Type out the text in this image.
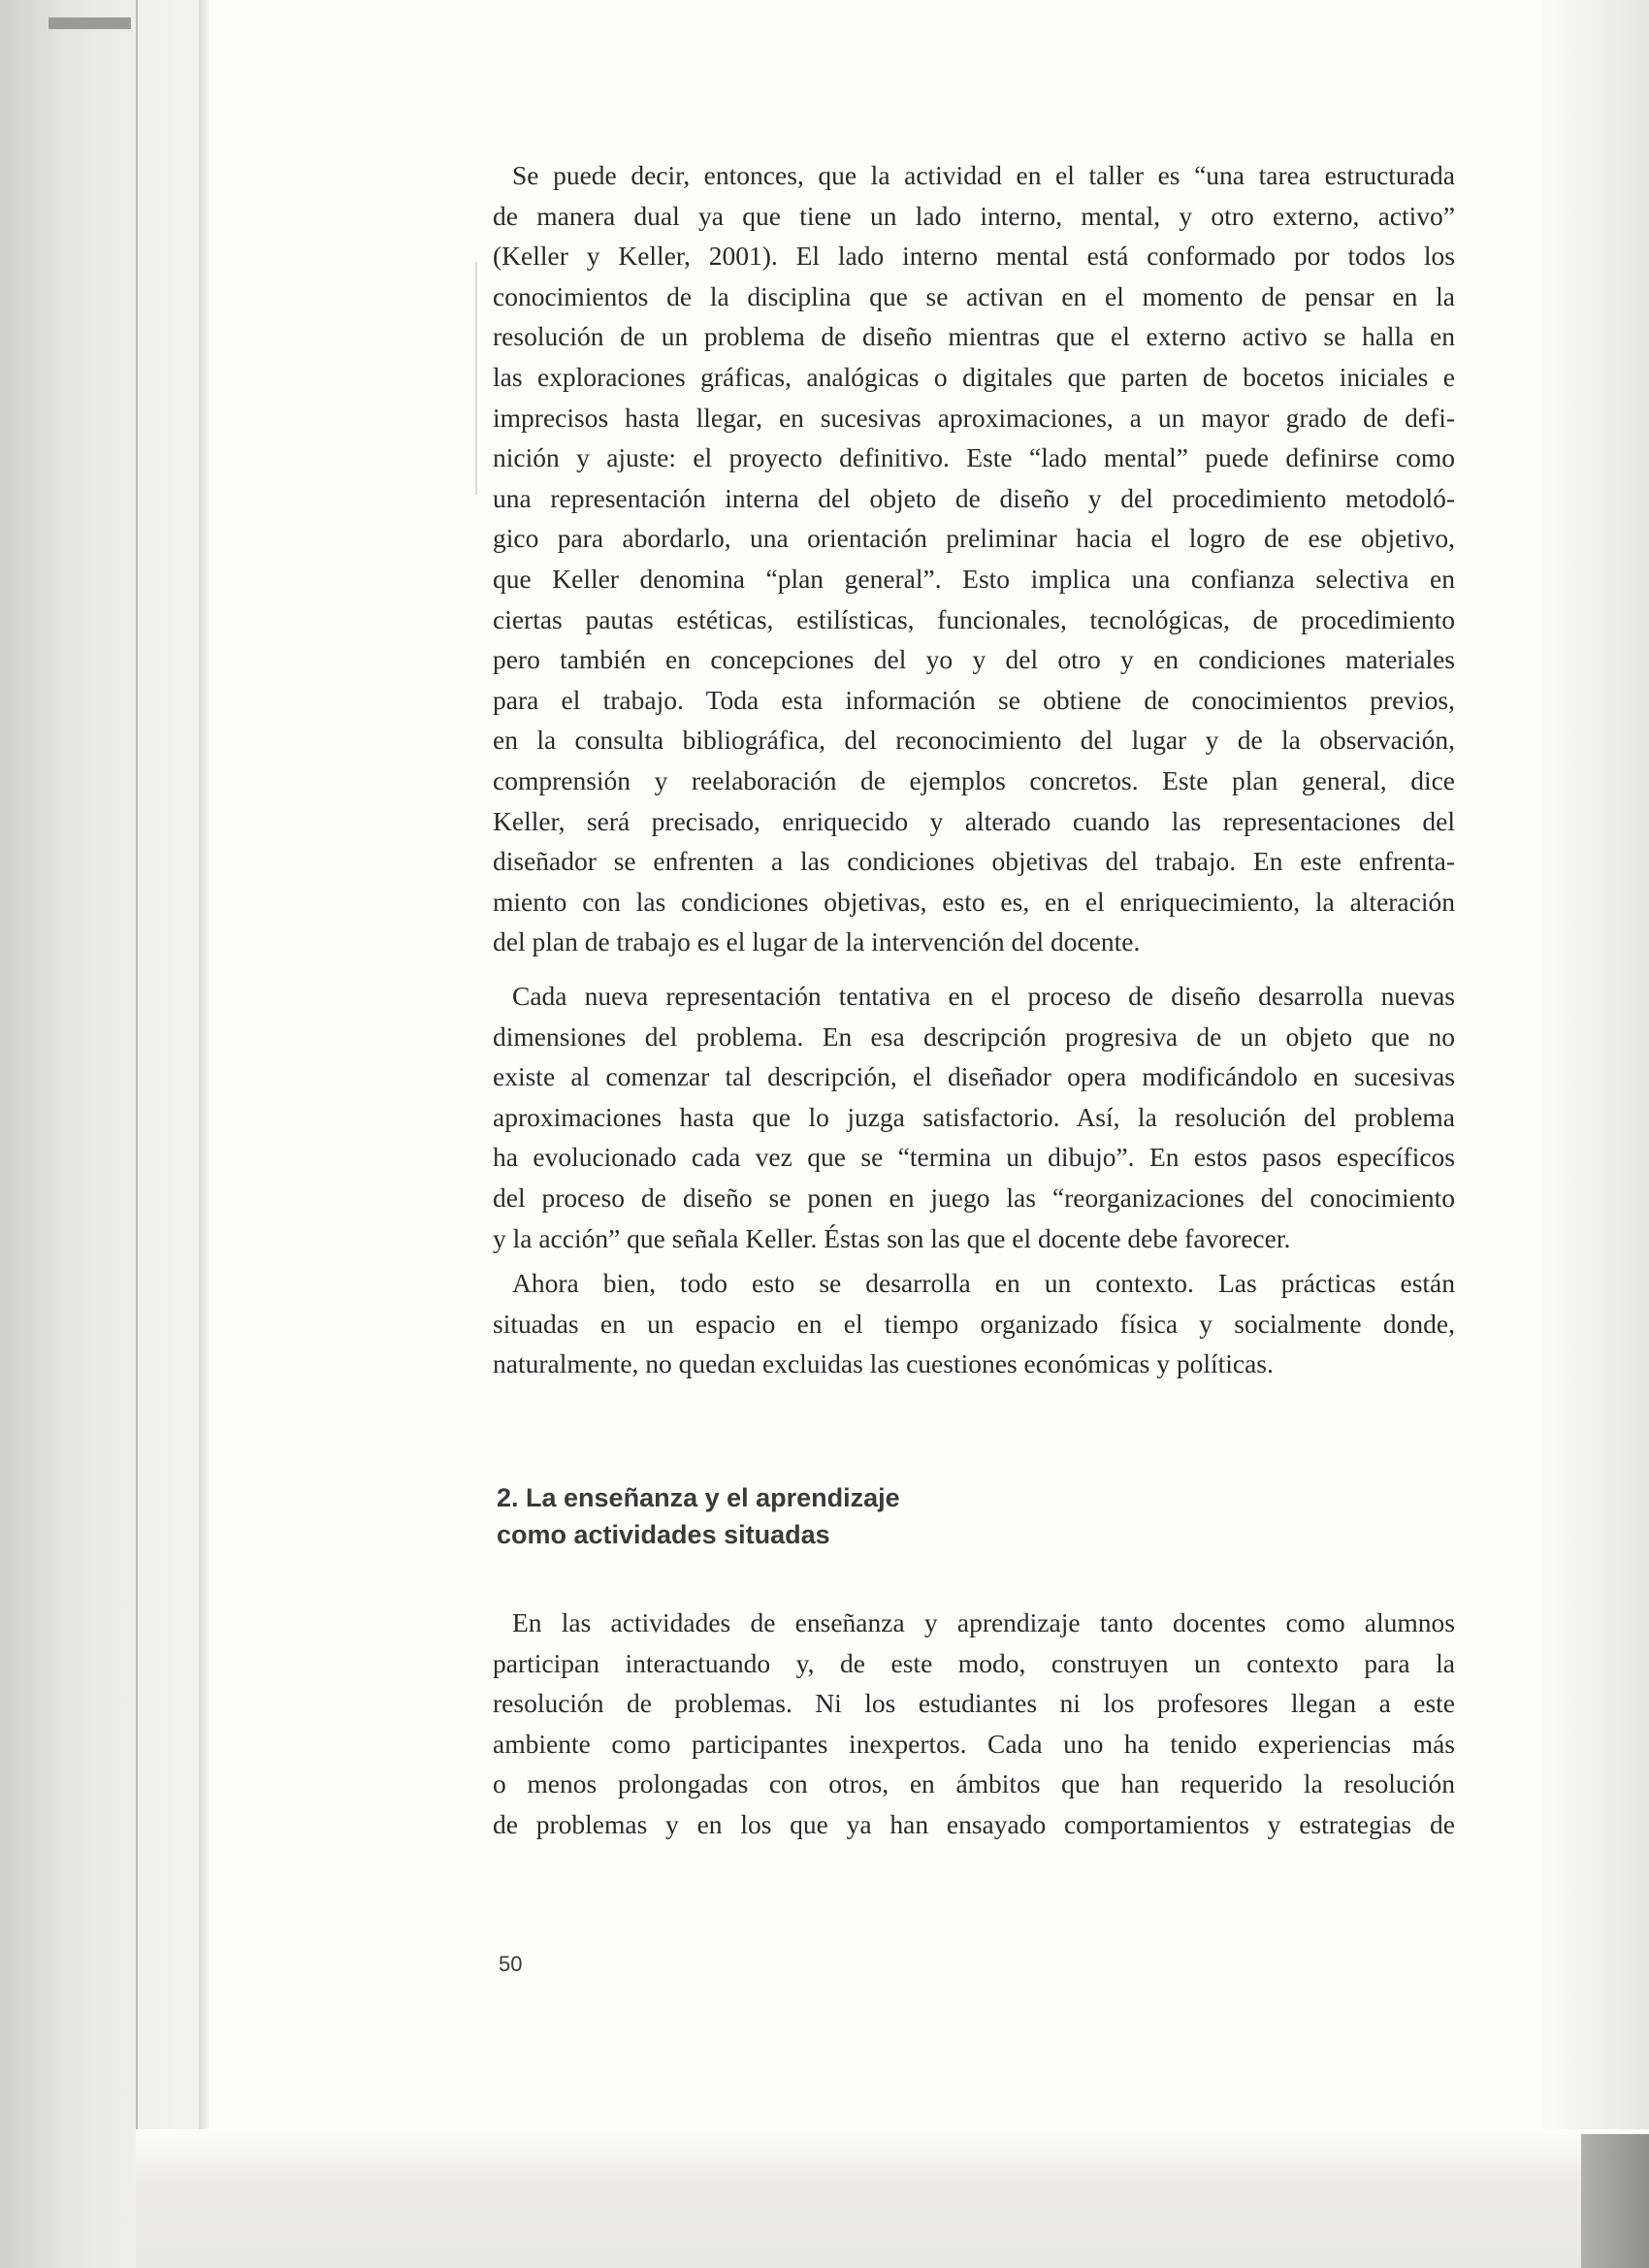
Se puede decir, entonces, que la actividad en el taller es “una tarea estructurada
de manera dual ya que tiene un lado interno, mental, y otro externo, activo”
(Keller y Keller, 2001). El lado interno mental está conformado por todos los
conocimientos de la disciplina que se activan en el momento de pensar en la
resolución de un problema de diseño mientras que el externo activo se halla en
las exploraciones gráficas, analógicas o digitales que parten de bocetos iniciales e
imprecisos hasta llegar, en sucesivas aproximaciones, a un mayor grado de defi-
nición y ajuste: el proyecto definitivo. Este “lado mental” puede definirse como
una representación interna del objeto de diseño y del procedimiento metodoló-
gico para abordarlo, una orientación preliminar hacia el logro de ese objetivo,
que Keller denomina “plan general”. Esto implica una confianza selectiva en
ciertas pautas estéticas, estilísticas, funcionales, tecnológicas, de procedimiento
pero también en concepciones del yo y del otro y en condiciones materiales
para el trabajo. Toda esta información se obtiene de conocimientos previos,
en la consulta bibliográfica, del reconocimiento del lugar y de la observación,
comprensión y reelaboración de ejemplos concretos. Este plan general, dice
Keller, será precisado, enriquecido y alterado cuando las representaciones del
diseñador se enfrenten a las condiciones objetivas del trabajo. En este enfrenta-
miento con las condiciones objetivas, esto es, en el enriquecimiento, la alteración
del plan de trabajo es el lugar de la intervención del docente.
Cada nueva representación tentativa en el proceso de diseño desarrolla nuevas
dimensiones del problema. En esa descripción progresiva de un objeto que no
existe al comenzar tal descripción, el diseñador opera modificándolo en sucesivas
aproximaciones hasta que lo juzga satisfactorio. Así, la resolución del problema
ha evolucionado cada vez que se “termina un dibujo”. En estos pasos específicos
del proceso de diseño se ponen en juego las “reorganizaciones del conocimiento
y la acción” que señala Keller. Éstas son las que el docente debe favorecer.
Ahora bien, todo esto se desarrolla en un contexto. Las prácticas están
situadas en un espacio en el tiempo organizado física y socialmente donde,
naturalmente, no quedan excluidas las cuestiones económicas y políticas.
2. La enseñanza y el aprendizaje
como actividades situadas
En las actividades de enseñanza y aprendizaje tanto docentes como alumnos
participan interactuando y, de este modo, construyen un contexto para la
resolución de problemas. Ni los estudiantes ni los profesores llegan a este
ambiente como participantes inexpertos. Cada uno ha tenido experiencias más
o menos prolongadas con otros, en ámbitos que han requerido la resolución
de problemas y en los que ya han ensayado comportamientos y estrategias de
50
